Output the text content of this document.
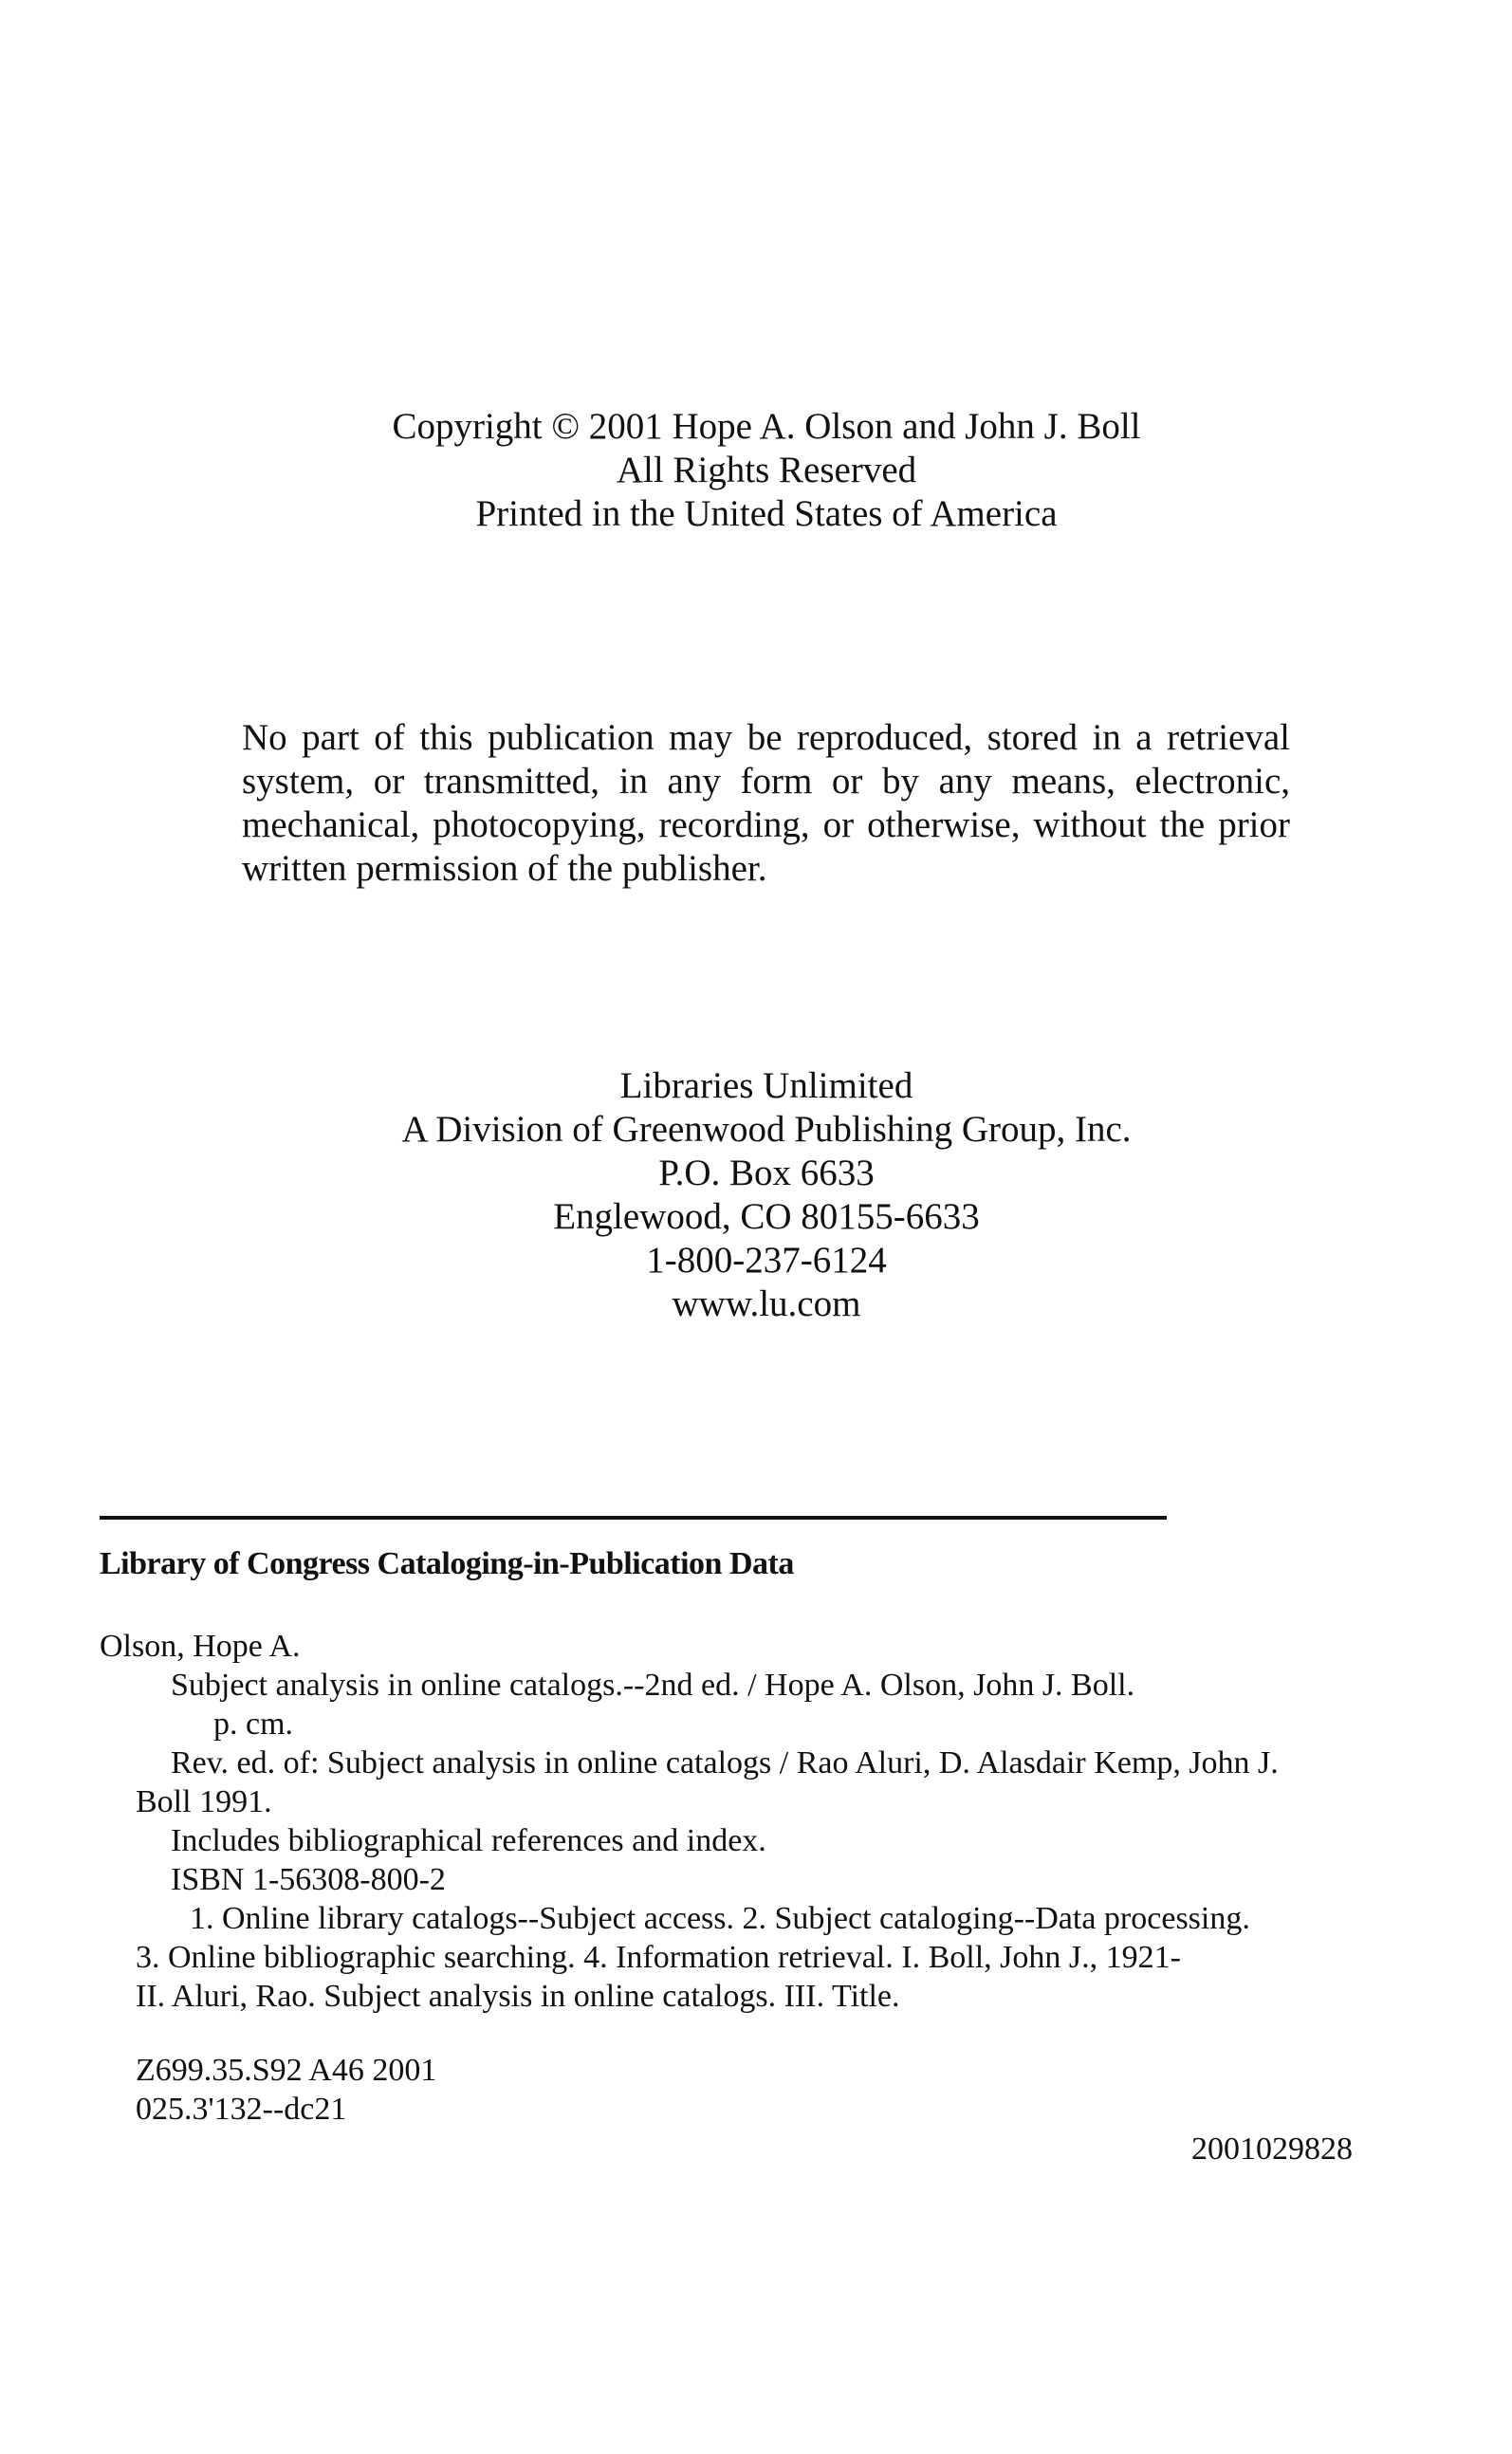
Copyright © 2001 Hope A. Olson and John J. Boll
All Rights Reserved
Printed in the United States of America
No part of this publication may be reproduced, stored in a retrieval system, or transmitted, in any form or by any means, electronic, mechanical, photocopying, recording, or otherwise, without the prior written permission of the publisher.
Libraries Unlimited
A Division of Greenwood Publishing Group, Inc.
P.O. Box 6633
Englewood, CO 80155-6633
1-800-237-6124
www.lu.com
Library of Congress Cataloging-in-Publication Data
Olson, Hope A.
Subject analysis in online catalogs.--2nd ed. / Hope A. Olson, John J. Boll.
p. cm.
Rev. ed. of: Subject analysis in online catalogs / Rao Aluri, D. Alasdair Kemp, John J.
Boll 1991.
Includes bibliographical references and index.
ISBN 1-56308-800-2
1. Online library catalogs--Subject access. 2. Subject cataloging--Data processing.
3. Online bibliographic searching. 4. Information retrieval. I. Boll, John J., 1921-
II. Aluri, Rao. Subject analysis in online catalogs. III. Title.
Z699.35.S92 A46 2001
025.3'132--dc21
2001029828
